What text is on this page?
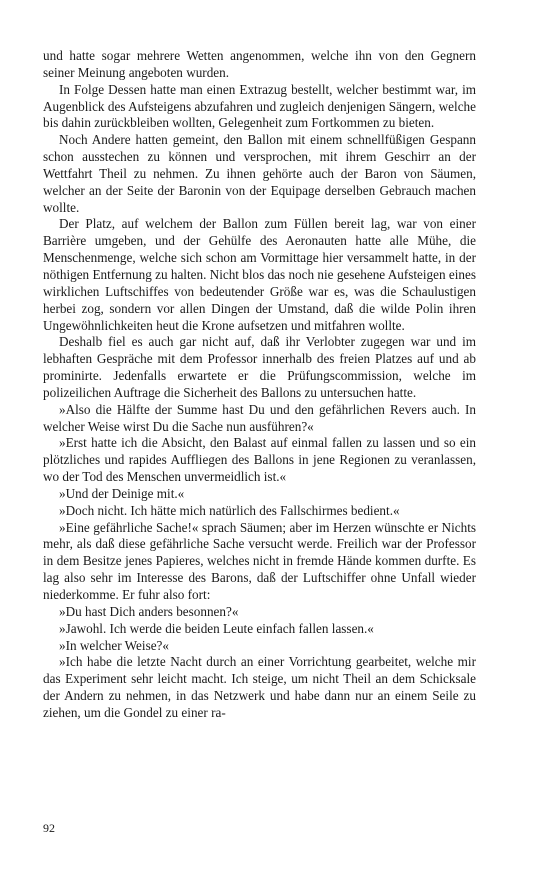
und hatte sogar mehrere Wetten angenommen, welche ihn von den Gegnern seiner Meinung angeboten wurden.

In Folge Dessen hatte man einen Extrazug bestellt, welcher bestimmt war, im Augenblick des Aufsteigens abzufahren und zugleich denjenigen Sängern, welche bis dahin zurückbleiben wollten, Gelegenheit zum Fortkommen zu bieten.

Noch Andere hatten gemeint, den Ballon mit einem schnellfüßigen Gespann schon ausstechen zu können und versprochen, mit ihrem Geschirr an der Wettfahrt Theil zu nehmen. Zu ihnen gehörte auch der Baron von Säumen, welcher an der Seite der Baronin von der Equipage derselben Gebrauch machen wollte.

Der Platz, auf welchem der Ballon zum Füllen bereit lag, war von einer Barrière umgeben, und der Gehülfe des Aeronauten hatte alle Mühe, die Menschenmenge, welche sich schon am Vormittage hier versammelt hatte, in der nöthigen Entfernung zu halten. Nicht blos das noch nie gesehene Aufsteigen eines wirklichen Luftschiffes von bedeutender Größe war es, was die Schaulustigen herbei zog, sondern vor allen Dingen der Umstand, daß die wilde Polin ihren Ungewöhnlichkeiten heut die Krone aufsetzen und mitfahren wollte.

Deshalb fiel es auch gar nicht auf, daß ihr Verlobter zugegen war und im lebhaften Gespräche mit dem Professor innerhalb des freien Platzes auf und ab prominirte. Jedenfalls erwartete er die Prüfungscommission, welche im polizeilichen Auftrage die Sicherheit des Ballons zu untersuchen hatte.

»Also die Hälfte der Summe hast Du und den gefährlichen Revers auch. In welcher Weise wirst Du die Sache nun ausführen?«

»Erst hatte ich die Absicht, den Balast auf einmal fallen zu lassen und so ein plötzliches und rapides Auffliegen des Ballons in jene Regionen zu veranlassen, wo der Tod des Menschen unvermeidlich ist.«

»Und der Deinige mit.«

»Doch nicht. Ich hätte mich natürlich des Fallschirmes bedient.«

»Eine gefährliche Sache!« sprach Säumen; aber im Herzen wünschte er Nichts mehr, als daß diese gefährliche Sache versucht werde. Freilich war der Professor in dem Besitze jenes Papieres, welches nicht in fremde Hände kommen durfte. Es lag also sehr im Interesse des Barons, daß der Luftschiffer ohne Unfall wieder niederkomme. Er fuhr also fort:

»Du hast Dich anders besonnen?«

»Jawohl. Ich werde die beiden Leute einfach fallen lassen.«

»In welcher Weise?«

»Ich habe die letzte Nacht durch an einer Vorrichtung gearbeitet, welche mir das Experiment sehr leicht macht. Ich steige, um nicht Theil an dem Schicksale der Andern zu nehmen, in das Netzwerk und habe dann nur an einem Seile zu ziehen, um die Gondel zu einer ra-

92
